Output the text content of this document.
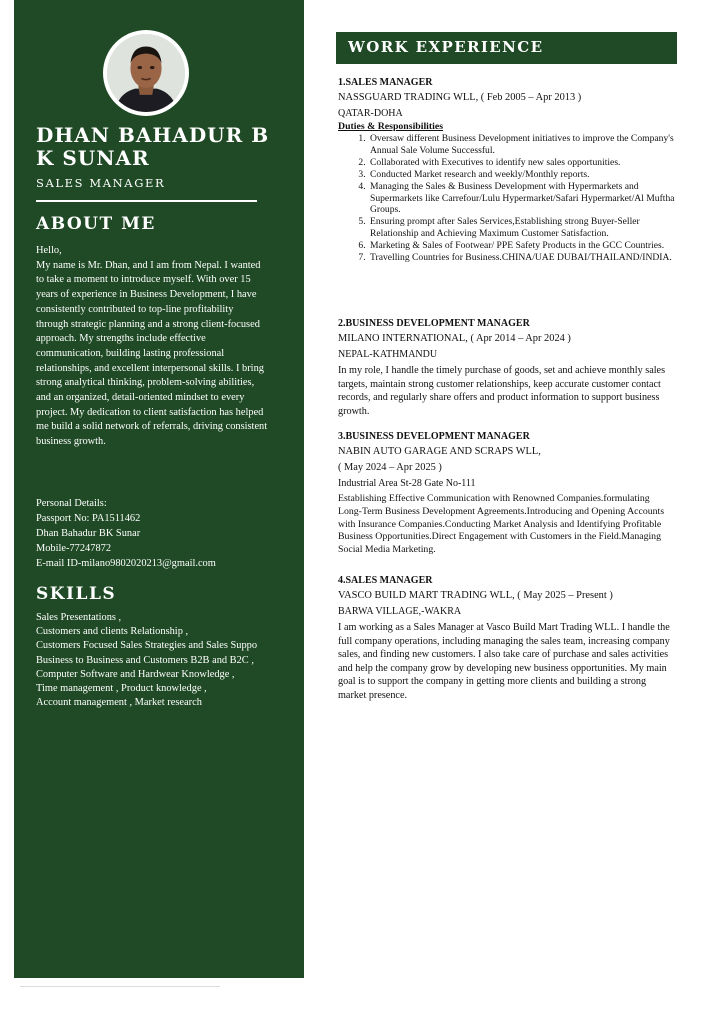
DHAN BAHADUR B K SUNAR
SALES MANAGER
ABOUT ME
Hello,
My name is Mr. Dhan, and I am from Nepal. I wanted to take a moment to introduce myself. With over 15 years of experience in Business Development, I have consistently contributed to top-line profitability through strategic planning and a strong client-focused approach. My strengths include effective communication, building lasting professional relationships, and excellent interpersonal skills. I bring strong analytical thinking, problem-solving abilities, and an organized, detail-oriented mindset to every project. My dedication to client satisfaction has helped me build a solid network of referrals, driving consistent business growth.
Personal Details:
Passport No: PA1511462
Dhan Bahadur BK Sunar
Mobile-77247872
E-mail ID-milano9802020213@gmail.com
SKILLS
Sales Presentations ,
Customers and clients Relationship ,
Customers Focused Sales Strategies and Sales Suppo
Business to Business and Customers B2B and B2C ,
Computer Software and Hardwear Knowledge ,
Time management , Product knowledge ,
Account management , Market research
WORK EXPERIENCE
1.SALES MANAGER
NASSGUARD TRADING WLL, ( Feb 2005 – Apr 2013 )
QATAR-DOHA
Duties & Responsibilities
1. Oversaw different Business Development initiatives to improve the Company's Annual Sale Volume Successful.
2. Collaborated with Executives to identify new sales opportunities.
3. Conducted Market research and weekly/Monthly reports.
4. Managing the Sales & Business Development with Hypermarkets and Supermarkets like Carrefour/Lulu Hypermarket/Safari Hypermarket/Al Muftha Groups.
5. Ensuring prompt after Sales Services,Establishing strong Buyer-Seller Relationship and Achieving Maximum Customer Satisfaction.
6. Marketing & Sales of Footwear/ PPE Safety Products in the GCC Countries.
7. Travelling Countries for Business.CHINA/UAE DUBAI/THAILAND/INDIA.
2.BUSINESS DEVELOPMENT MANAGER
MILANO INTERNATIONAL, ( Apr 2014 – Apr 2024 )
NEPAL-KATHMANDU
In my role, I handle the timely purchase of goods, set and achieve monthly sales targets, maintain strong customer relationships, keep accurate customer contact records, and regularly share offers and product information to support business growth.
3.BUSINESS DEVELOPMENT MANAGER
NABIN AUTO GARAGE AND SCRAPS WLL,
( May 2024 – Apr 2025 )
Industrial Area St-28 Gate No-111
Establishing Effective Communication with Renowned Companies.formulating Long-Term Business Development Agreements.Introducing and Opening Accounts with Insurance Companies.Conducting Market Analysis and Identifying Profitable Business Opportunities.Direct Engagement with Customers in the Field.Managing Social Media Marketing.
4.SALES MANAGER
VASCO BUILD MART TRADING WLL, ( May 2025 – Present )
BARWA VILLAGE,-WAKRA
I am working as a Sales Manager at Vasco Build Mart Trading WLL. I handle the full company operations, including managing the sales team, increasing company sales, and finding new customers. I also take care of purchase and sales activities and help the company grow by developing new business opportunities. My main goal is to support the company in getting more clients and building a strong market presence.
